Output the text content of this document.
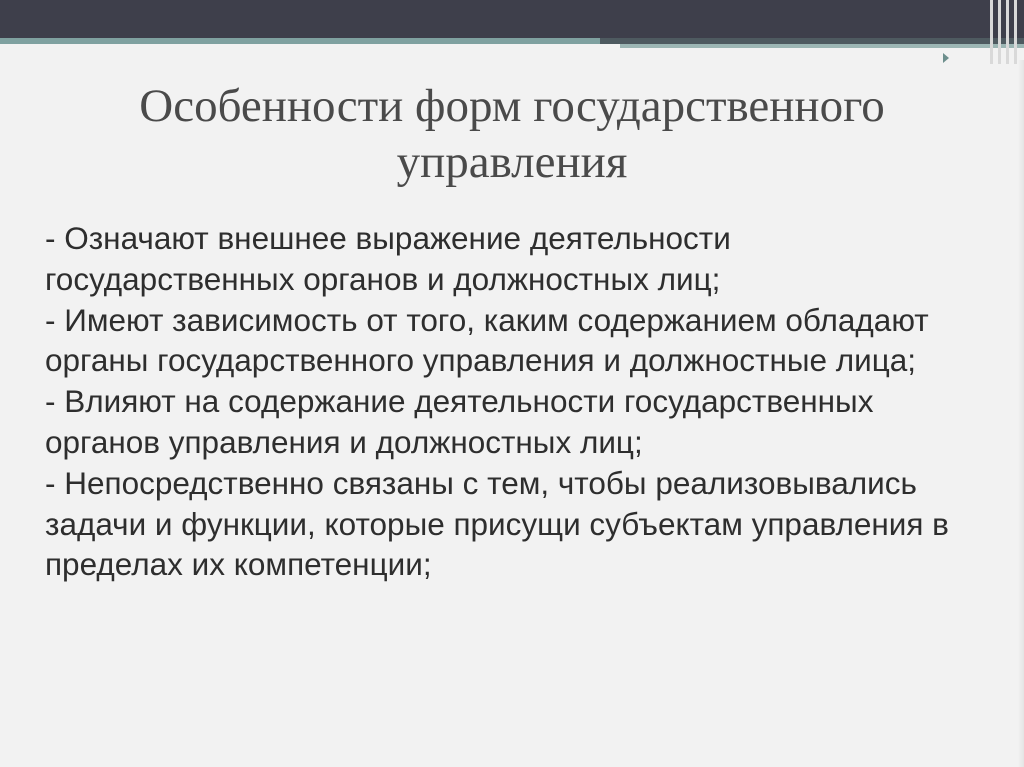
Особенности форм государственного управления

- Означают внешнее выражение деятельности государственных органов и должностных лиц;

- Имеют зависимость от того, каким содержанием обладают органы государственного управления и должностные лица;

- Влияют на содержание деятельности государственных органов управления и должностных лиц;

- Непосредственно связаны с тем, чтобы реализовывались задачи и функции, которые присущи субъектам управления в пределах их компетенции;
